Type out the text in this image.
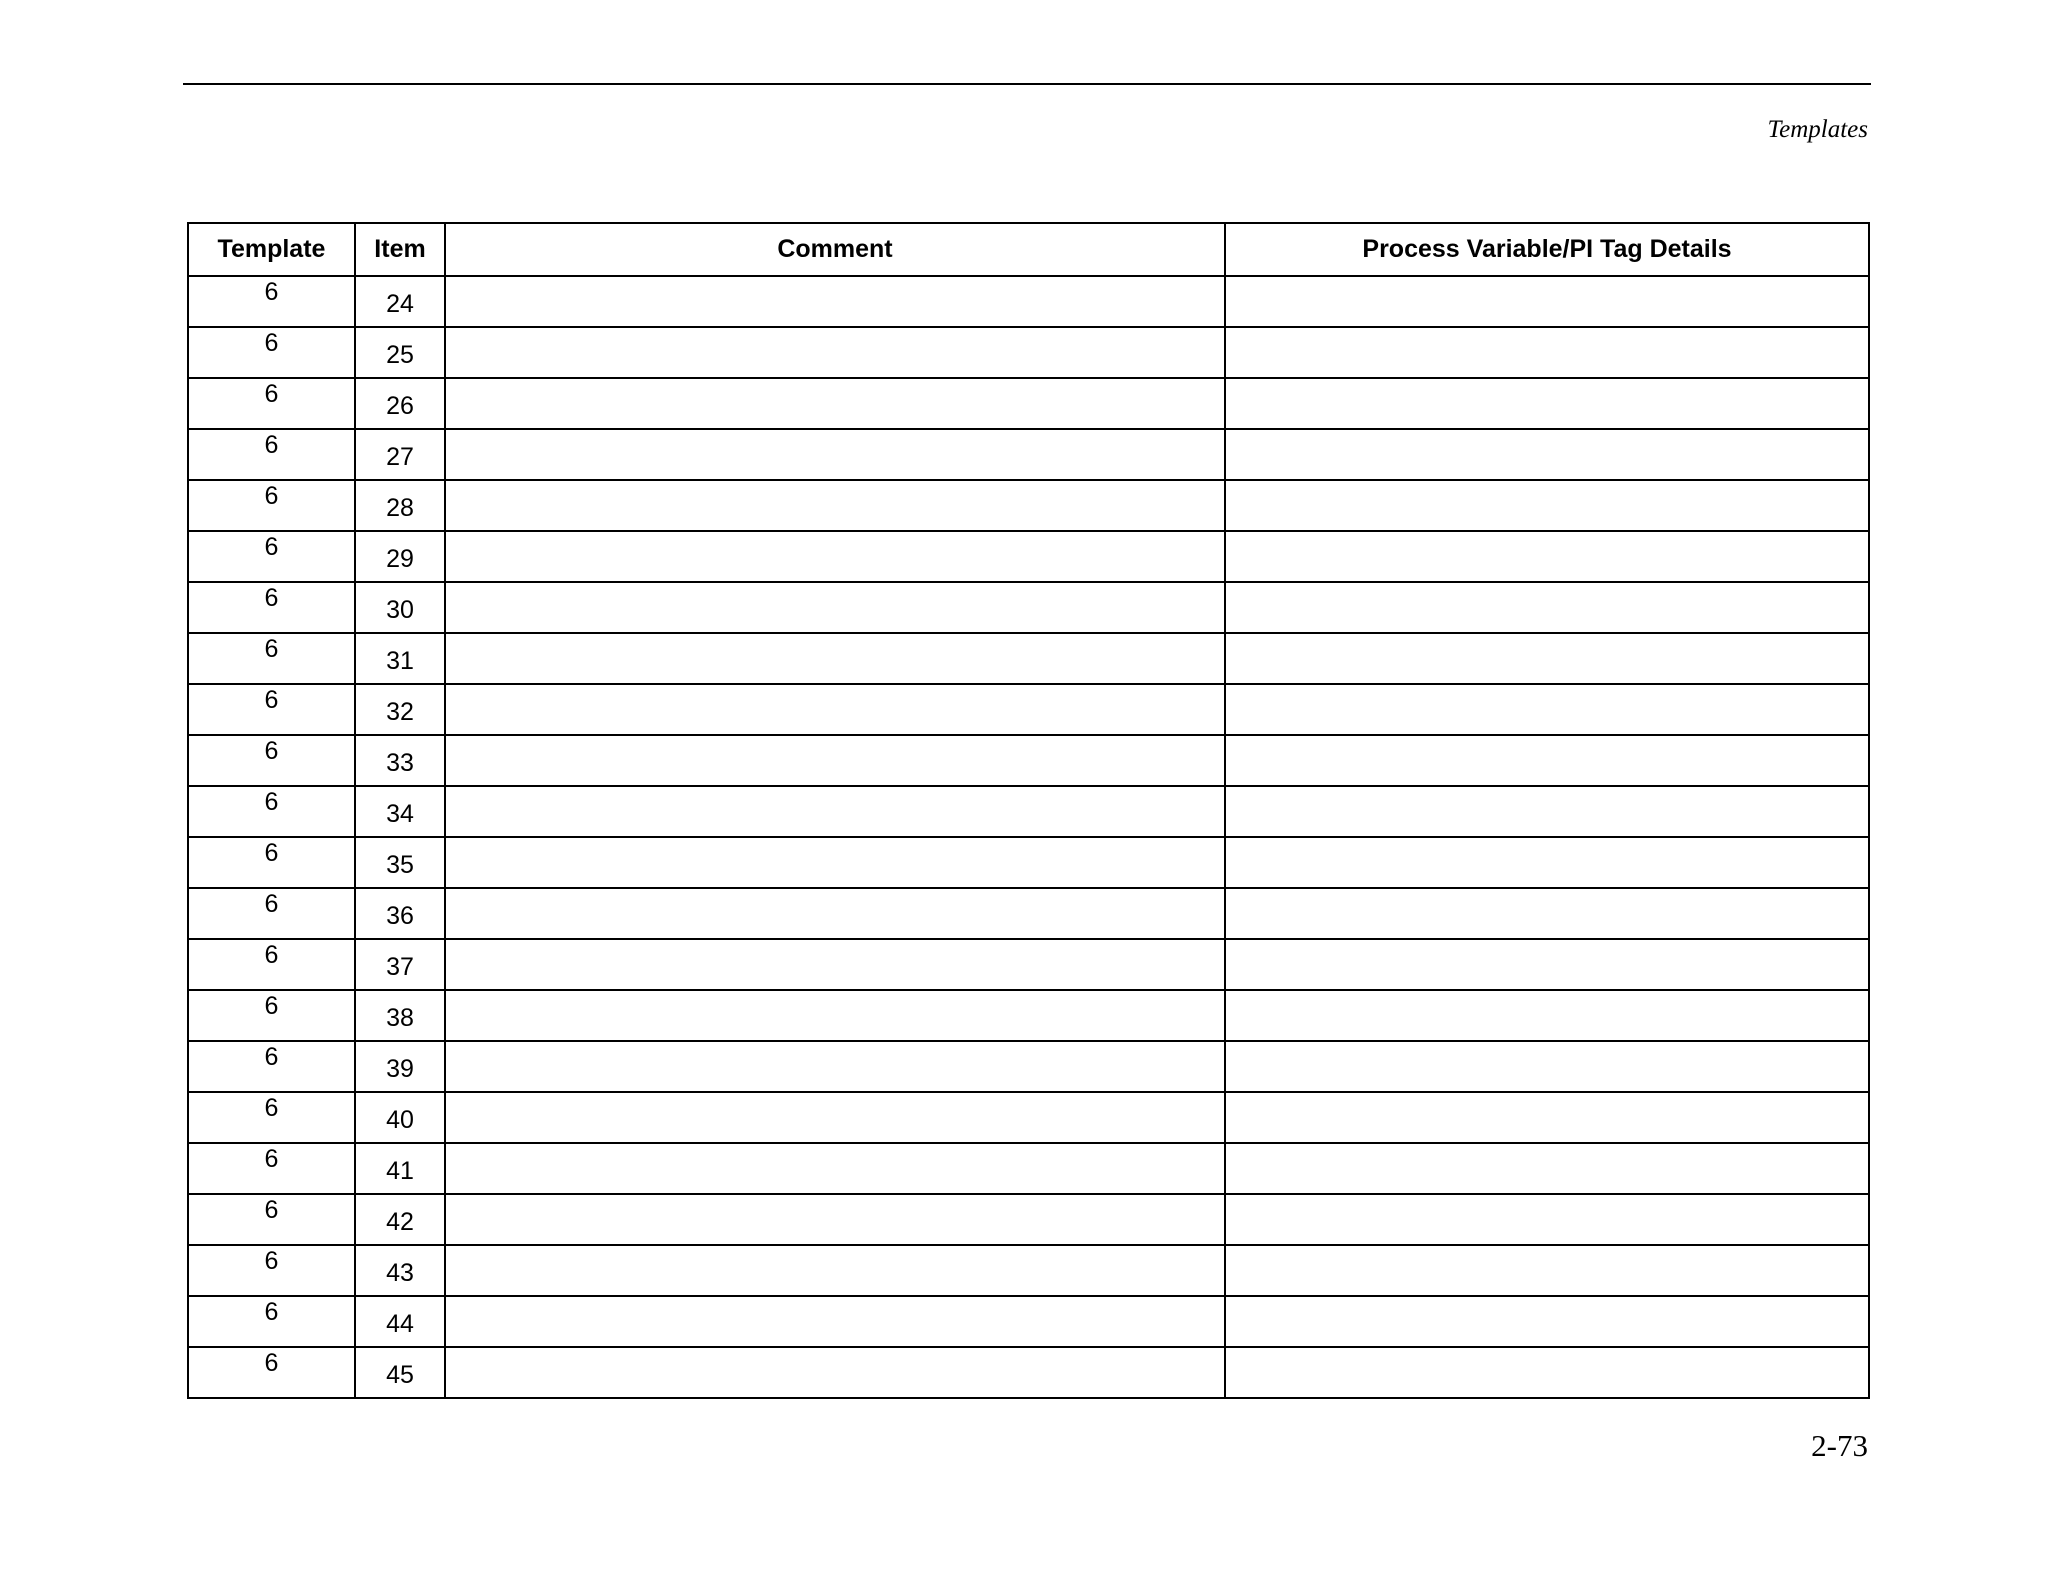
Templates
Template	Item	Comment	Process Variable/PI Tag Details
6	24		
6	25		
6	26		
6	27		
6	28		
6	29		
6	30		
6	31		
6	32		
6	33		
6	34		
6	35		
6	36		
6	37		
6	38		
6	39		
6	40		
6	41		
6	42		
6	43		
6	44		
6	45		
2-73
